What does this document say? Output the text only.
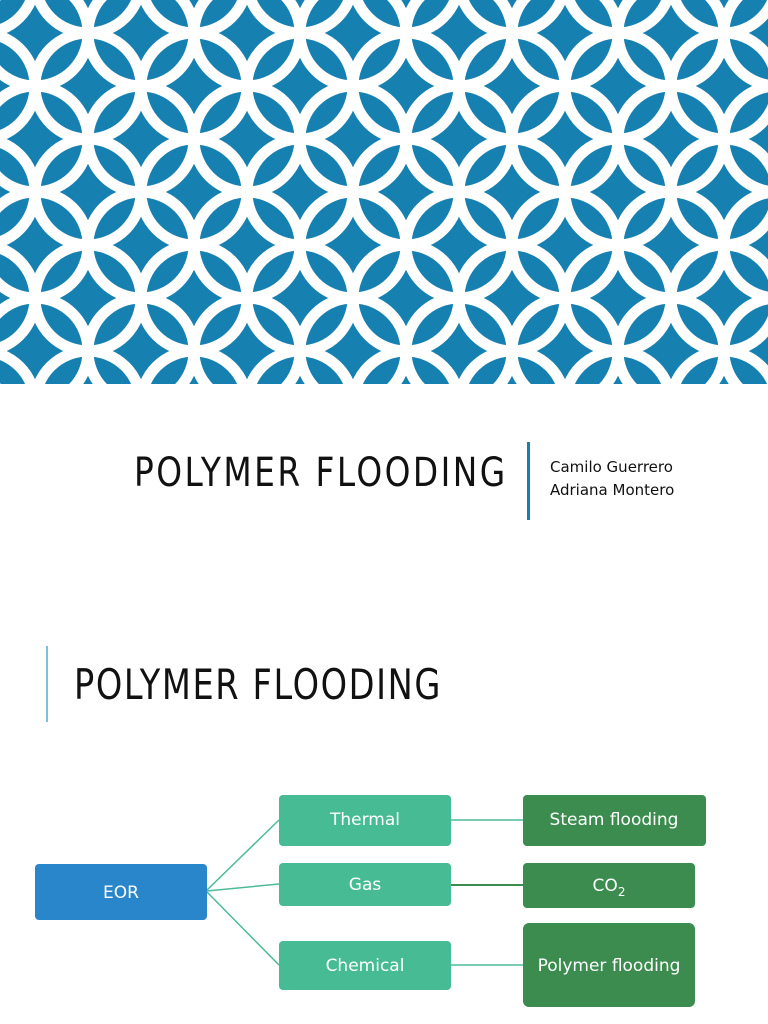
POLYMER FLOODING	Camilo Guerrero
Adriana Montero
POLYMER FLOODING
EOR
Thermal
Gas
Chemical
Steam flooding
$CO_2$
Polymer flooding
